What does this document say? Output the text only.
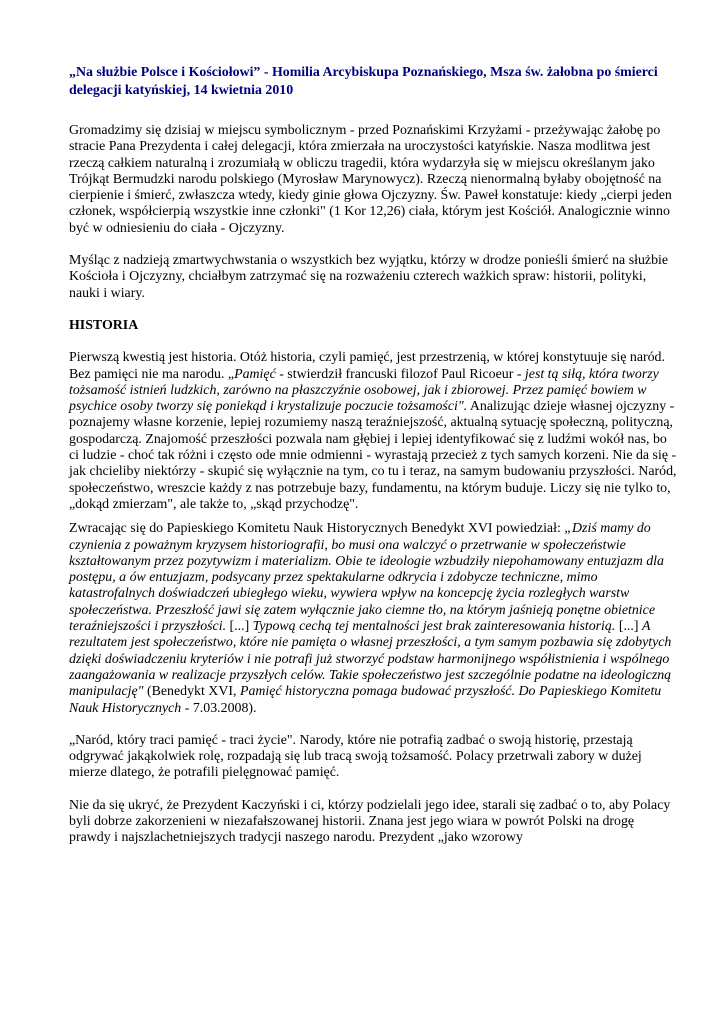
„Na służbie Polsce i Kościołowi” - Homilia Arcybiskupa Poznańskiego, Msza św. żałobna po śmierci delegacji katyńskiej, 14 kwietnia 2010

Gromadzimy się dzisiaj w miejscu symbolicznym - przed Poznańskimi Krzyżami - przeżywając żałobę po stracie Pana Prezydenta i całej delegacji, która zmierzała na uroczystości katyńskie. Nasza modlitwa jest rzeczą całkiem naturalną i zrozumiałą w obliczu tragedii, która wydarzyła się w miejscu określanym jako Trójkąt Bermudzki narodu polskiego (Myrosław Marynowycz). Rzeczą nienormalną byłaby obojętność na cierpienie i śmierć, zwłaszcza wtedy, kiedy ginie głowa Ojczyzny. Św. Paweł konstatuje: kiedy „cierpi jeden członek, współcierpią wszystkie inne członki" (1 Kor 12,26) ciała, którym jest Kościół. Analogicznie winno być w odniesieniu do ciała - Ojczyzny.

Myśląc z nadzieją zmartwychwstania o wszystkich bez wyjątku, którzy w drodze ponieśli śmierć na służbie Kościoła i Ojczyzny, chciałbym zatrzymać się na rozważeniu czterech ważkich spraw: historii, polityki, nauki i wiary.

HISTORIA

Pierwszą kwestią jest historia. Otóż historia, czyli pamięć, jest przestrzenią, w której konstytuuje się naród. Bez pamięci nie ma narodu. „Pamięć - stwierdził francuski filozof Paul Ricoeur - jest tą siłą, która tworzy tożsamość istnień ludzkich, zarówno na płaszczyźnie osobowej, jak i zbiorowej. Przez pamięć bowiem w psychice osoby tworzy się poniekąd i krystalizuje poczucie tożsamości". Analizując dzieje własnej ojczyzny - poznajemy własne korzenie, lepiej rozumiemy naszą teraźniejszość, aktualną sytuację społeczną, polityczną, gospodarczą. Znajomość przeszłości pozwala nam głębiej i lepiej identyfikować się z ludźmi wokół nas, bo ci ludzie - choć tak różni i często ode mnie odmienni - wyrastają przecież z tych samych korzeni. Nie da się - jak chcieliby niektórzy - skupić się wyłącznie na tym, co tu i teraz, na samym budowaniu przyszłości. Naród, społeczeństwo, wreszcie każdy z nas potrzebuje bazy, fundamentu, na którym buduje. Liczy się nie tylko to, „dokąd zmierzam", ale także to, „skąd przychodzę".

Zwracając się do Papieskiego Komitetu Nauk Historycznych Benedykt XVI powiedział: „Dziś mamy do czynienia z poważnym kryzysem historiografii, bo musi ona walczyć o przetrwanie w społeczeństwie kształtowanym przez pozytywizm i materializm. Obie te ideologie wzbudziły niepohamowany entuzjazm dla postępu, a ów entuzjazm, podsycany przez spektakularne odkrycia i zdobycze techniczne, mimo katastrofalnych doświadczeń ubiegłego wieku, wywiera wpływ na koncepcję życia rozległych warstw społeczeństwa. Przeszłość jawi się zatem wyłącznie jako ciemne tło, na którym jaśnieją ponętne obietnice teraźniejszości i przyszłości. [...] Typową cechą tej mentalności jest brak zainteresowania historią. [...] A rezultatem jest społeczeństwo, które nie pamięta o własnej przeszłości, a tym samym pozbawia się zdobytych dzięki doświadczeniu kryteriów i nie potrafi już stworzyć podstaw harmonijnego współistnienia i wspólnego zaangażowania w realizacje przyszłych celów. Takie społeczeństwo jest szczególnie podatne na ideologiczną manipulację" (Benedykt XVI, Pamięć historyczna pomaga budować przyszłość. Do Papieskiego Komitetu Nauk Historycznych - 7.03.2008).

„Naród, który traci pamięć - traci życie". Narody, które nie potrafią zadbać o swoją historię, przestają odgrywać jakąkolwiek rolę, rozpadają się lub tracą swoją tożsamość. Polacy przetrwali zabory w dużej mierze dlatego, że potrafili pielęgnować pamięć.

Nie da się ukryć, że Prezydent Kaczyński i ci, którzy podzielali jego idee, starali się zadbać o to, aby Polacy byli dobrze zakorzenieni w niezafałszowanej historii. Znana jest jego wiara w powrót Polski na drogę prawdy i najszlachetniejszych tradycji naszego narodu. Prezydent „jako wzorowy
